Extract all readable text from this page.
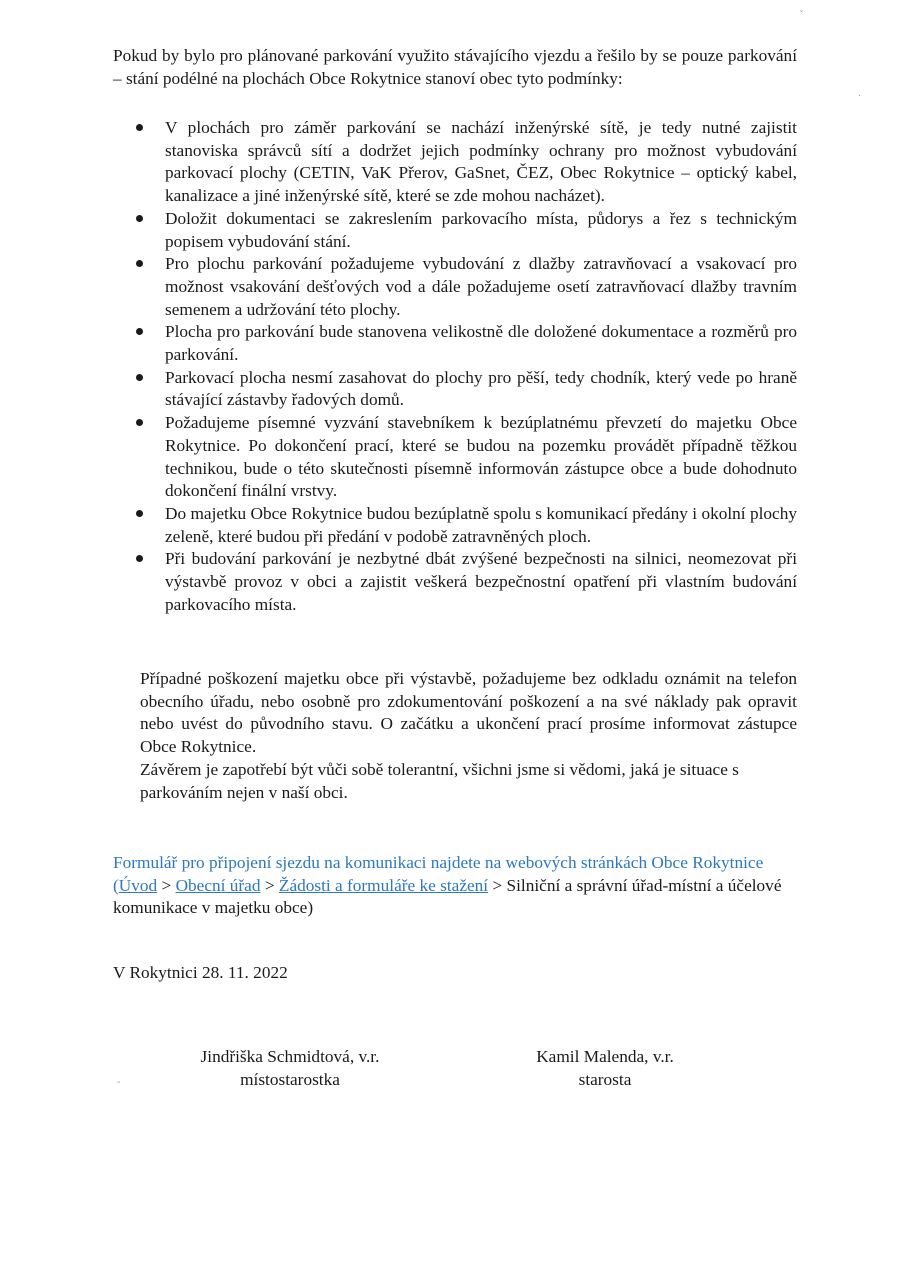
Pokud by bylo pro plánované parkování využito stávajícího vjezdu a řešilo by se pouze parkování – stání podélné na plochách Obce Rokytnice stanoví obec tyto podmínky:

V plochách pro záměr parkování se nachází inženýrské sítě, je tedy nutné zajistit stanoviska správců sítí a dodržet jejich podmínky ochrany pro možnost vybudování parkovací plochy (CETIN, VaK Přerov, GaSnet, ČEZ, Obec Rokytnice – optický kabel, kanalizace a jiné inženýrské sítě, které se zde mohou nacházet).
Doložit dokumentaci se zakreslením parkovacího místa, půdorys a řez s technickým popisem vybudování stání.
Pro plochu parkování požadujeme vybudování z dlažby zatravňovací a vsakovací pro možnost vsakování dešťových vod a dále požadujeme osetí zatravňovací dlažby travním semenem a udržování této plochy.
Plocha pro parkování bude stanovena velikostně dle doložené dokumentace a rozměrů pro parkování.
Parkovací plocha nesmí zasahovat do plochy pro pěší, tedy chodník, který vede po hraně stávající zástavby řadových domů.
Požadujeme písemné vyzvání stavebníkem k bezúplatnému převzetí do majetku Obce Rokytnice. Po dokončení prací, které se budou na pozemku provádět případně těžkou technikou, bude o této skutečnosti písemně informován zástupce obce a bude dohodnuto dokončení finální vrstvy.
Do majetku Obce Rokytnice budou bezúplatně spolu s komunikací předány i okolní plochy zeleně, které budou při předání v podobě zatravněných ploch.
Při budování parkování je nezbytné dbát zvýšené bezpečnosti na silnici, neomezovat při výstavbě provoz v obci a zajistit veškerá bezpečnostní opatření při vlastním budování parkovacího místa.

Případné poškození majetku obce při výstavbě, požadujeme bez odkladu oznámit na telefon obecního úřadu, nebo osobně pro zdokumentování poškození a na své náklady pak opravit nebo uvést do původního stavu. O začátku a ukončení prací prosíme informovat zástupce Obce Rokytnice.

Závěrem je zapotřebí být vůči sobě tolerantní, všichni jsme si vědomi, jaká je situace s parkováním nejen v naší obci.

Formulář pro připojení sjezdu na komunikaci najdete na webových stránkách Obce Rokytnice (Úvod > Obecní úřad > Žádosti a formuláře ke stažení > Silniční a správní úřad-místní a účelové komunikace v majetku obce)

V Rokytnici 28. 11. 2022

Jindřiška Schmidtová, v.r.
místostarostka
Kamil Malenda, v.r.
starosta
ˇ
·
‐
